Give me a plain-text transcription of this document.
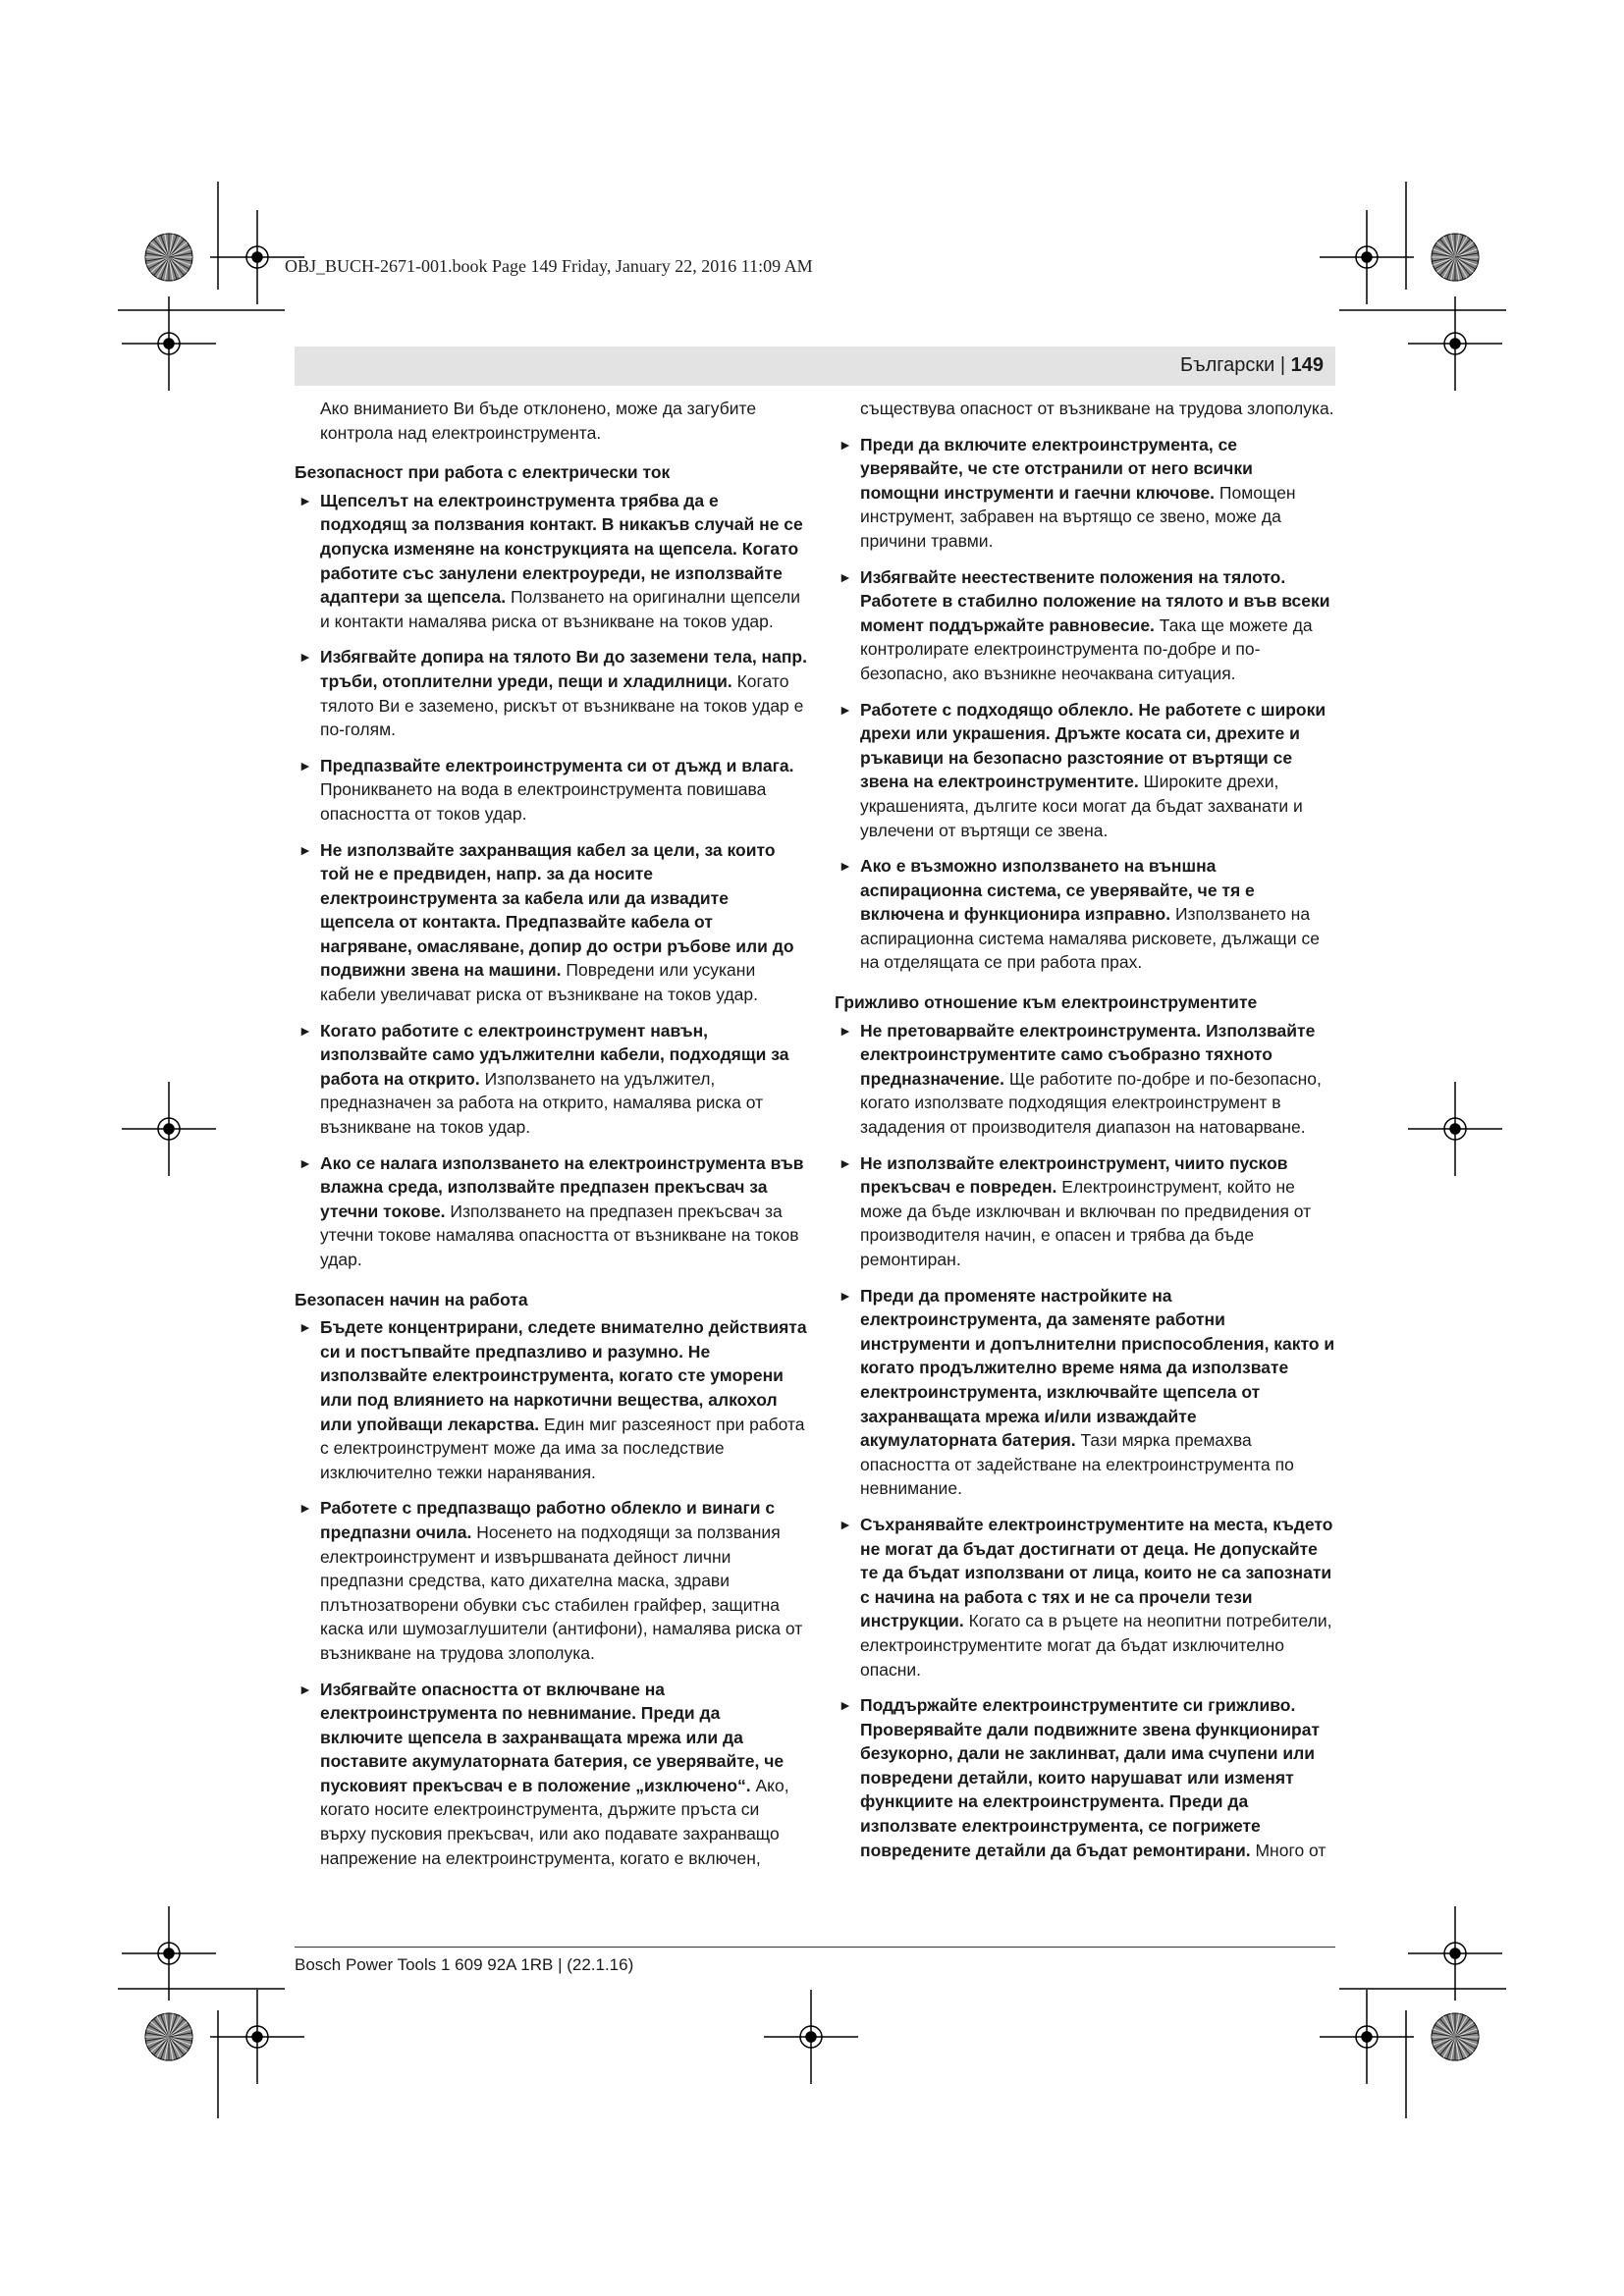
OBJ_BUCH-2671-001.book Page 149 Friday, January 22, 2016 11:09 AM
Български | 149

Ако вниманието Ви бъде отклонено, може да загубите контрола над електроинструмента.

Безопасност при работа с електрически ток

► Щепселът на електроинструмента трябва да е подходящ за ползвания контакт. В никакъв случай не се допуска изменяне на конструкцията на щепсела. Когато работите със занулени електроуреди, не използвайте адаптери за щепсела. Ползването на оригинални щепсели и контакти намалява риска от възникване на токов удар.

► Избягвайте допира на тялото Ви до заземени тела, напр. тръби, отоплителни уреди, пещи и хладилници. Когато тялото Ви е заземено, рискът от възникване на токов удар е по-голям.

► Предпазвайте електроинструмента си от дъжд и влага. Проникването на вода в електроинструмента повишава опасността от токов удар.

► Не използвайте захранващия кабел за цели, за които той не е предвиден, напр. за да носите електроинструмента за кабела или да извадите щепсела от контакта. Предпазвайте кабела от нагряване, омасляване, допир до остри ръбове или до подвижни звена на машини. Повредени или усукани кабели увеличават риска от възникване на токов удар.

► Когато работите с електроинструмент навън, използвайте само удължителни кабели, подходящи за работа на открито. Използването на удължител, предназначен за работа на открито, намалява риска от възникване на токов удар.

► Ако се налага използването на електроинструмента във влажна среда, използвайте предпазен прекъсвач за утечни токове. Използването на предпазен прекъсвач за утечни токове намалява опасността от възникване на токов удар.

Безопасен начин на работа

► Бъдете концентрирани, следете внимателно действията си и постъпвайте предпазливо и разумно. Не използвайте електроинструмента, когато сте уморени или под влиянието на наркотични вещества, алкохол или упойващи лекарства. Един миг разсеяност при работа с електроинструмент може да има за последствие изключително тежки наранявания.

► Работете с предпазващо работно облекло и винаги с предпазни очила. Носенето на подходящи за ползвания електроинструмент и извършваната дейност лични предпазни средства, като дихателна маска, здрави плътнозатворени обувки със стабилен грайфер, защитна каска или шумозаглушители (антифони), намалява риска от възникване на трудова злополука.

► Избягвайте опасността от включване на електроинструмента по невнимание. Преди да включите щепсела в захранващата мрежа или да поставите акумулаторната батерия, се уверявайте, че пусковият прекъсвач е в положение „изключено“. Ако, когато носите електроинструмента, държите пръста си върху пусковия прекъсвач, или ако подавате захранващо напрежение на електроинструмента, когато е включен,

съществува опасност от възникване на трудова злополука.

► Преди да включите електроинструмента, се уверявайте, че сте отстранили от него всички помощни инструменти и гаечни ключове. Помощен инструмент, забравен на въртящо се звено, може да причини травми.

► Избягвайте неестествените положения на тялото. Работете в стабилно положение на тялото и във всеки момент поддържайте равновесие. Така ще можете да контролирате електроинструмента по-добре и по-безопасно, ако възникне неочаквана ситуация.

► Работете с подходящо облекло. Не работете с широки дрехи или украшения. Дръжте косата си, дрехите и ръкавици на безопасно разстояние от въртящи се звена на електроинструментите. Широките дрехи, украшенията, дългите коси могат да бъдат захванати и увлечени от въртящи се звена.

► Ако е възможно използването на външна аспирационна система, се уверявайте, че тя е включена и функционира изправно. Използването на аспирационна система намалява рисковете, дължащи се на отделящата се при работа прах.

Грижливо отношение към електроинструментите

► Не претоварвайте електроинструмента. Използвайте електроинструментите само съобразно тяхното предназначение. Ще работите по-добре и по-безопасно, когато използвате подходящия електроинструмент в зададения от производителя диапазон на натоварване.

► Не използвайте електроинструмент, чиито пусков прекъсвач е повреден. Електроинструмент, който не може да бъде изключван и включван по предвидения от производителя начин, е опасен и трябва да бъде ремонтиран.

► Преди да променяте настройките на електроинструмента, да заменяте работни инструменти и допълнителни приспособления, както и когато продължително време няма да използвате електроинструмента, изключвайте щепсела от захранващата мрежа и/или изваждайте акумулаторната батерия. Тази мярка премахва опасността от задействане на електроинструмента по невнимание.

► Съхранявайте електроинструментите на места, където не могат да бъдат достигнати от деца. Не допускайте те да бъдат използвани от лица, които не са запознати с начина на работа с тях и не са прочели тези инструкции. Когато са в ръцете на неопитни потребители, електроинструментите могат да бъдат изключително опасни.

► Поддържайте електроинструментите си грижливо. Проверявайте дали подвижните звена функционират безукорно, дали не заклинват, дали има счупени или повредени детайли, които нарушават или изменят функциите на електроинструмента. Преди да използвате електроинструмента, се погрижете повредените детайли да бъдат ремонтирани. Много от

Bosch Power Tools 1 609 92A 1RB | (22.1.16)
